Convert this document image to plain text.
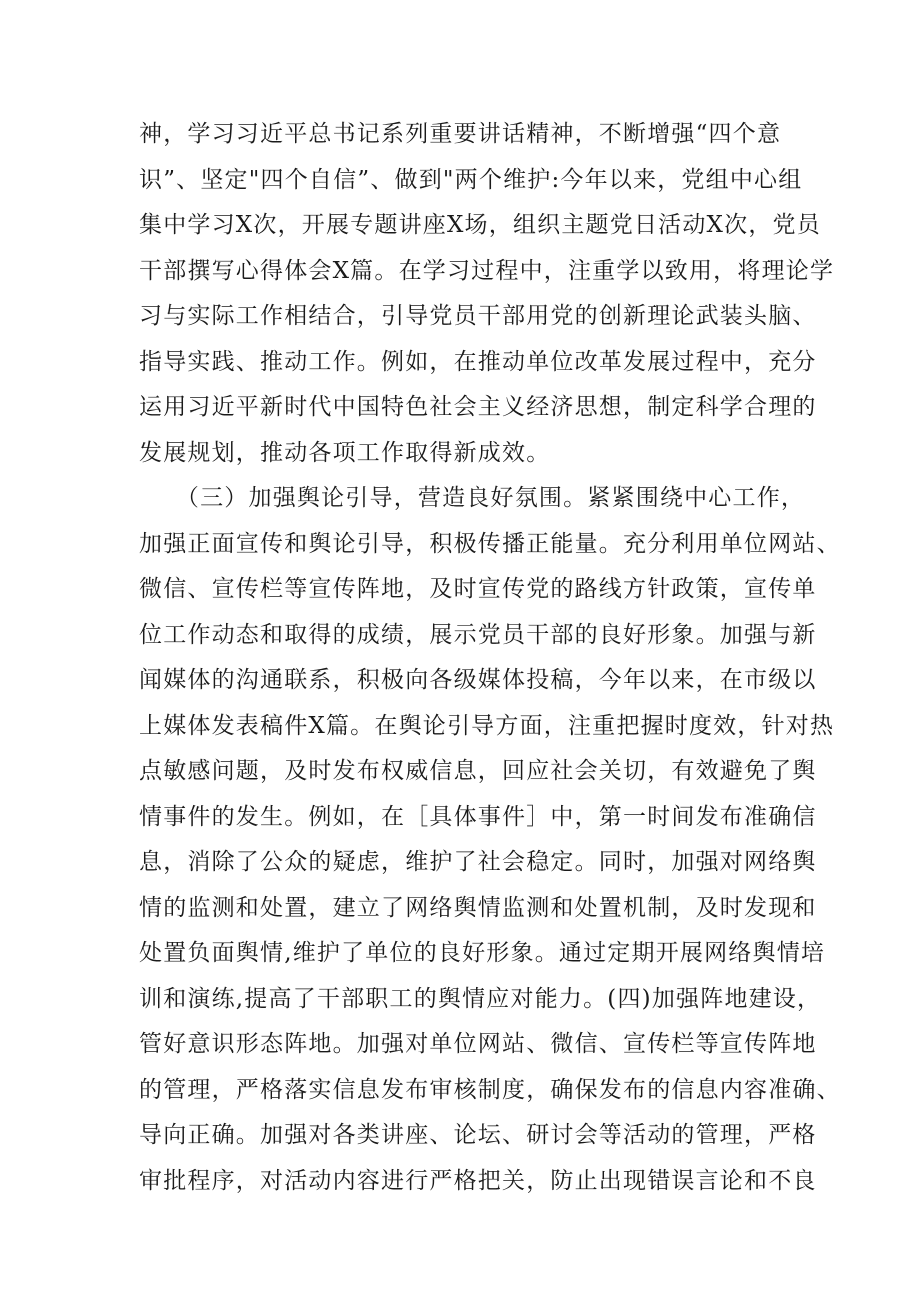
神，学习习近平总书记系列重要讲话精神，不断增强“四个意
识”、坚定"四个自信”、做到"两个维护:今年以来，党组中心组
集中学习X次，开展专题讲座X场，组织主题党日活动X次，党员
干部撰写心得体会X篇。在学习过程中，注重学以致用，将理论学
习与实际工作相结合，引导党员干部用党的创新理论武装头脑、
指导实践、推动工作。例如，在推动单位改革发展过程中，充分
运用习近平新时代中国特色社会主义经济思想，制定科学合理的
发展规划，推动各项工作取得新成效。
　　（三）加强舆论引导，营造良好氛围。紧紧围绕中心工作，
加强正面宣传和舆论引导，积极传播正能量。充分利用单位网站、
微信、宣传栏等宣传阵地，及时宣传党的路线方针政策，宣传单
位工作动态和取得的成绩，展示党员干部的良好形象。加强与新
闻媒体的沟通联系，积极向各级媒体投稿，今年以来，在市级以
上媒体发表稿件X篇。在舆论引导方面，注重把握时度效，针对热
点敏感问题，及时发布权威信息，回应社会关切，有效避免了舆
情事件的发生。例如，在［具体事件］中，第一时间发布准确信
息，消除了公众的疑虑，维护了社会稳定。同时，加强对网络舆
情的监测和处置，建立了网络舆情监测和处置机制，及时发现和
处置负面舆情,维护了单位的良好形象。通过定期开展网络舆情培
训和演练,提高了干部职工的舆情应对能力。(四)加强阵地建设，
管好意识形态阵地。加强对单位网站、微信、宣传栏等宣传阵地
的管理，严格落实信息发布审核制度，确保发布的信息内容准确、
导向正确。加强对各类讲座、论坛、研讨会等活动的管理，严格
审批程序，对活动内容进行严格把关，防止出现错误言论和不良
